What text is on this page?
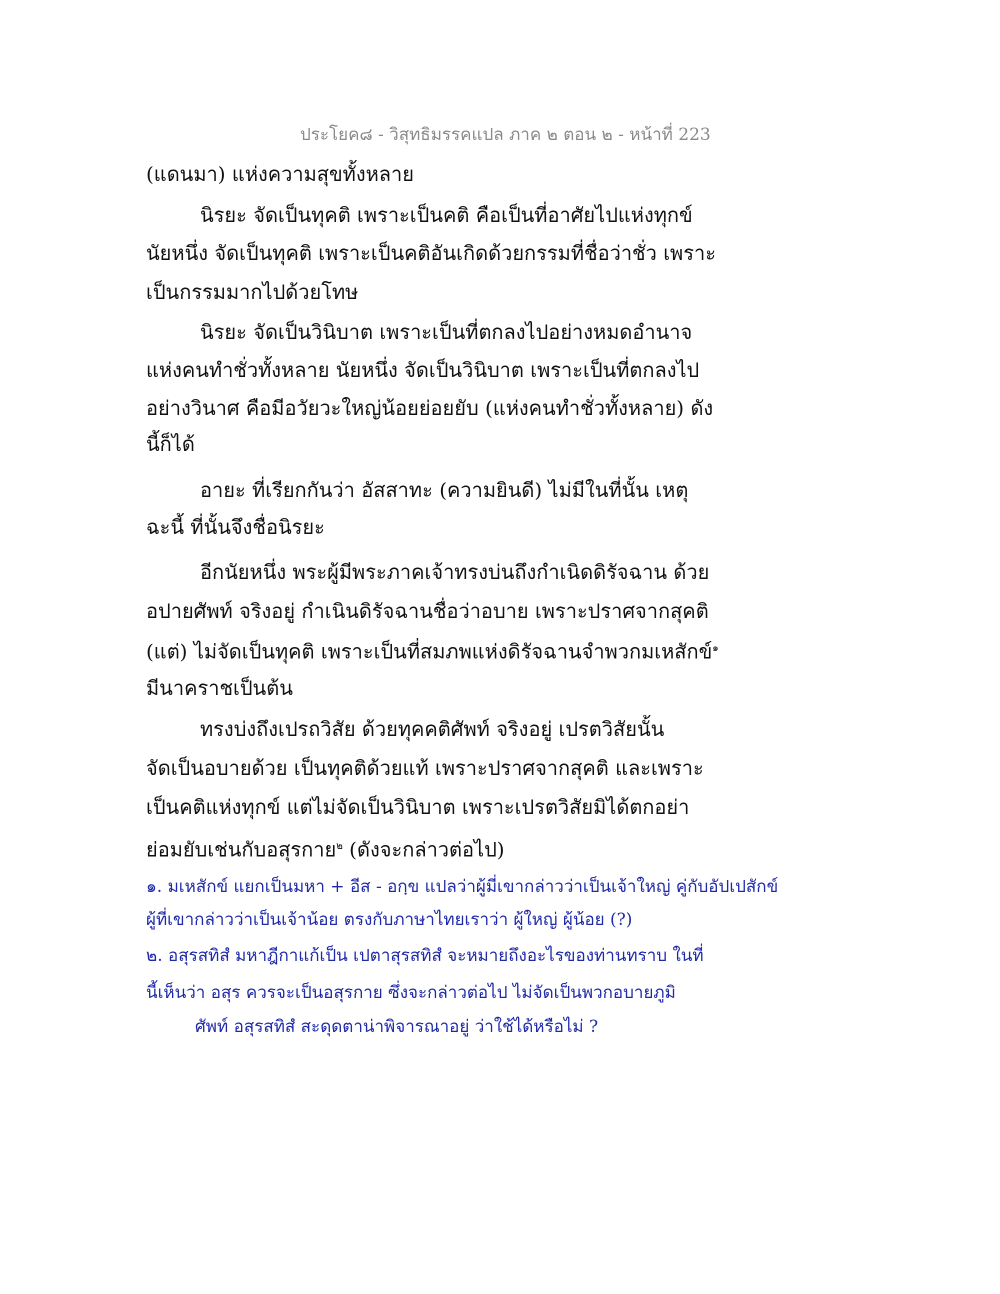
ประโยค๘ - วิสุทธิมรรคแปล ภาค ๒ ตอน ๒ - หน้าที่ 223
(แดนมา) แห่งความสุขทั้งหลาย
นิรยะ จัดเป็นทุคติ เพราะเป็นคติ คือเป็นที่อาศัยไปแห่งทุกข์
นัยหนึ่ง จัดเป็นทุคติ เพราะเป็นคติอันเกิดด้วยกรรมที่ชื่อว่าชั่ว เพราะ
เป็นกรรมมากไปด้วยโทษ
นิรยะ จัดเป็นวินิบาต เพราะเป็นที่ตกลงไปอย่างหมดอำนาจ
แห่งคนทำชั่วทั้งหลาย นัยหนึ่ง จัดเป็นวินิบาต เพราะเป็นที่ตกลงไป
อย่างวินาศ คือมีอวัยวะใหญ่น้อยย่อยยับ (แห่งคนทำชั่วทั้งหลาย) ดัง
นี้ก็ได้
อายะ ที่เรียกกันว่า อัสสาทะ (ความยินดี) ไม่มีในที่นั้น เหตุ
ฉะนี้ ที่นั้นจึงชื่อนิรยะ
อีกนัยหนึ่ง พระผู้มีพระภาคเจ้าทรงบ่นถึงกำเนิดดิรัจฉาน ด้วย
อปายศัพท์ จริงอยู่ กำเนินดิรัจฉานชื่อว่าอบาย เพราะปราศจากสุคติ
(แต่) ไม่จัดเป็นทุคติ เพราะเป็นที่สมภพแห่งดิรัจฉานจำพวกมเหสักข์$^๑$
มีนาคราชเป็นต้น
ทรงบ่งถึงเปรถวิสัย ด้วยทุคคติศัพท์ จริงอยู่ เปรตวิสัยนั้น
จัดเป็นอบายด้วย เป็นทุคติด้วยแท้ เพราะปราศจากสุคติ และเพราะ
เป็นคติแห่งทุกข์ แต่ไม่จัดเป็นวินิบาต เพราะเปรตวิสัยมิได้ตกอย่า
ย่อมยับเช่นกับอสุรกาย$^๒$ (ดังจะกล่าวต่อไป)
๑. มเหสักข์ แยกเป็นมหา + อีส - อกฺข แปลว่าผู้มี่เขากล่าวว่าเป็นเจ้าใหญ่ คู่กับอัปเปสักข์
ผู้ที่เขากล่าวว่าเป็นเจ้าน้อย ตรงกับภาษาไทยเราว่า ผู้ใหญ่ ผู้น้อย (?)
๒. อสุรสทิสํ มหาฎีกาแก้เป็น เปตาสุรสทิสํ จะหมายถึงอะไรของท่านทราบ ในที่
นี้เห็นว่า อสุร ควรจะเป็นอสุรกาย ซึ่งจะกล่าวต่อไป ไม่จัดเป็นพวกอบายภูมิ
ศัพท์ อสุรสทิสํ สะดุดตาน่าพิจารณาอยู่ ว่าใช้ได้หรือไม่ ?
